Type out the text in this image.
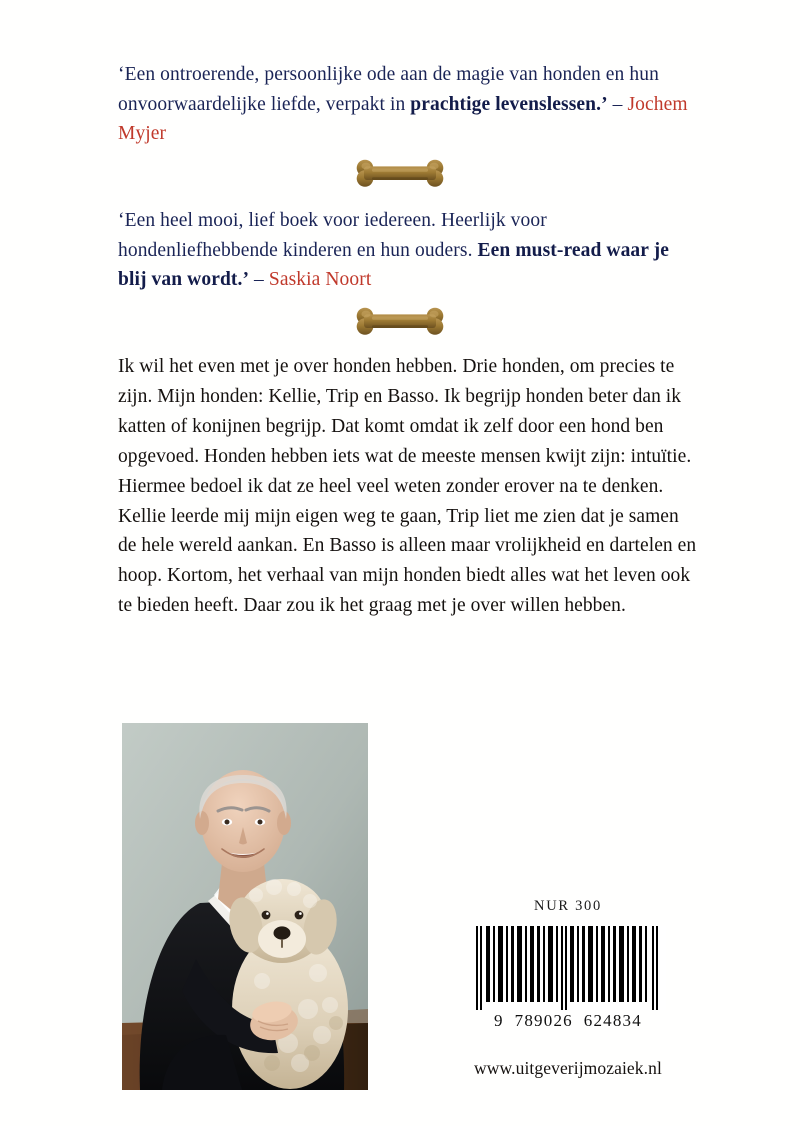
‘Een ontroerende, persoonlijke ode aan de magie van honden en hun onvoorwaardelijke liefde, verpakt in prachtige levenslessen.’ – Jochem Myjer
‘Een heel mooi, lief boek voor iedereen. Heerlijk voor hondenliefhebbende kinderen en hun ouders. Een must-read waar je blij van wordt.’ – Saskia Noort
Ik wil het even met je over honden hebben. Drie honden, om precies te zijn. Mijn honden: Kellie, Trip en Basso. Ik begrijp honden beter dan ik katten of konijnen begrijp. Dat komt omdat ik zelf door een hond ben opgevoed. Honden hebben iets wat de meeste mensen kwijt zijn: intuïtie. Hiermee bedoel ik dat ze heel veel weten zonder erover na te denken. Kellie leerde mij mijn eigen weg te gaan, Trip liet me zien dat je samen de hele wereld aankan. En Basso is alleen maar vrolijkheid en dartelen en hoop. Kortom, het verhaal van mijn honden biedt alles wat het leven ook te bieden heeft. Daar zou ik het graag met je over willen hebben.
NUR 300
9  789026  624834
www.uitgeverijmozaiek.nl
